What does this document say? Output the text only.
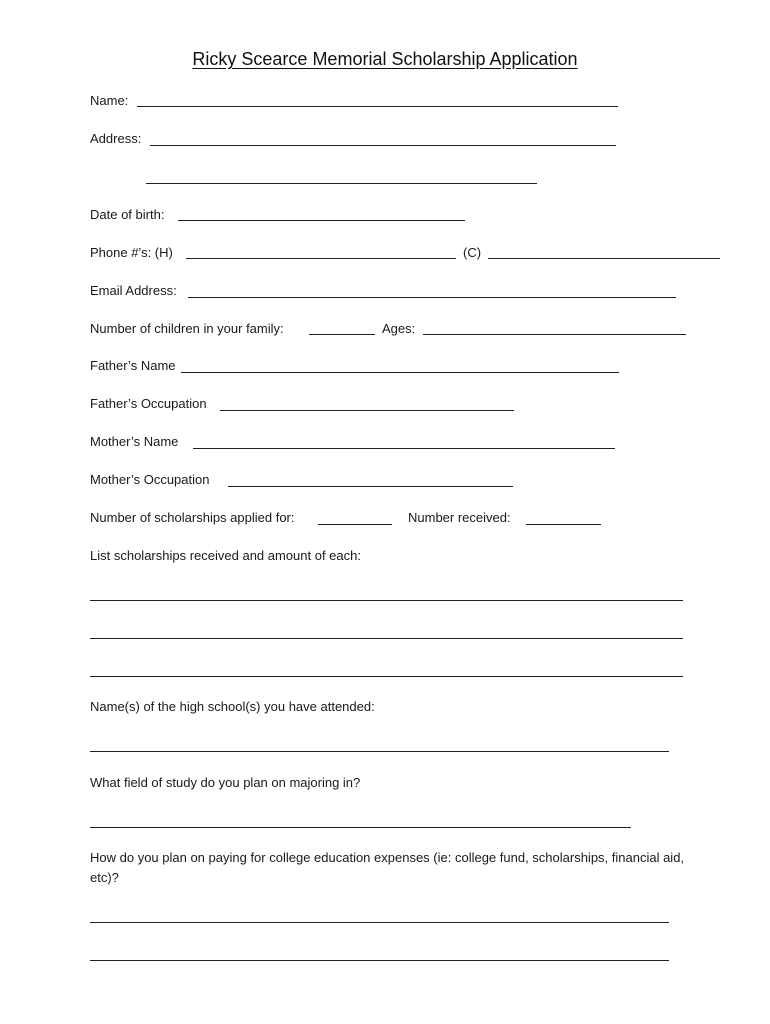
Ricky Scearce Memorial Scholarship Application
Name:
Address:
Date of birth:
Phone #’s: (H)	(C)
Email Address:
Number of children in your family:	Ages:
Father’s Name
Father’s Occupation
Mother’s Name
Mother’s Occupation
Number of scholarships applied for:	Number received:
List scholarships received and amount of each:
Name(s) of the high school(s) you have attended:
What field of study do you plan on majoring in?
How do you plan on paying for college education expenses (ie: college fund, scholarships, financial aid, etc)?
